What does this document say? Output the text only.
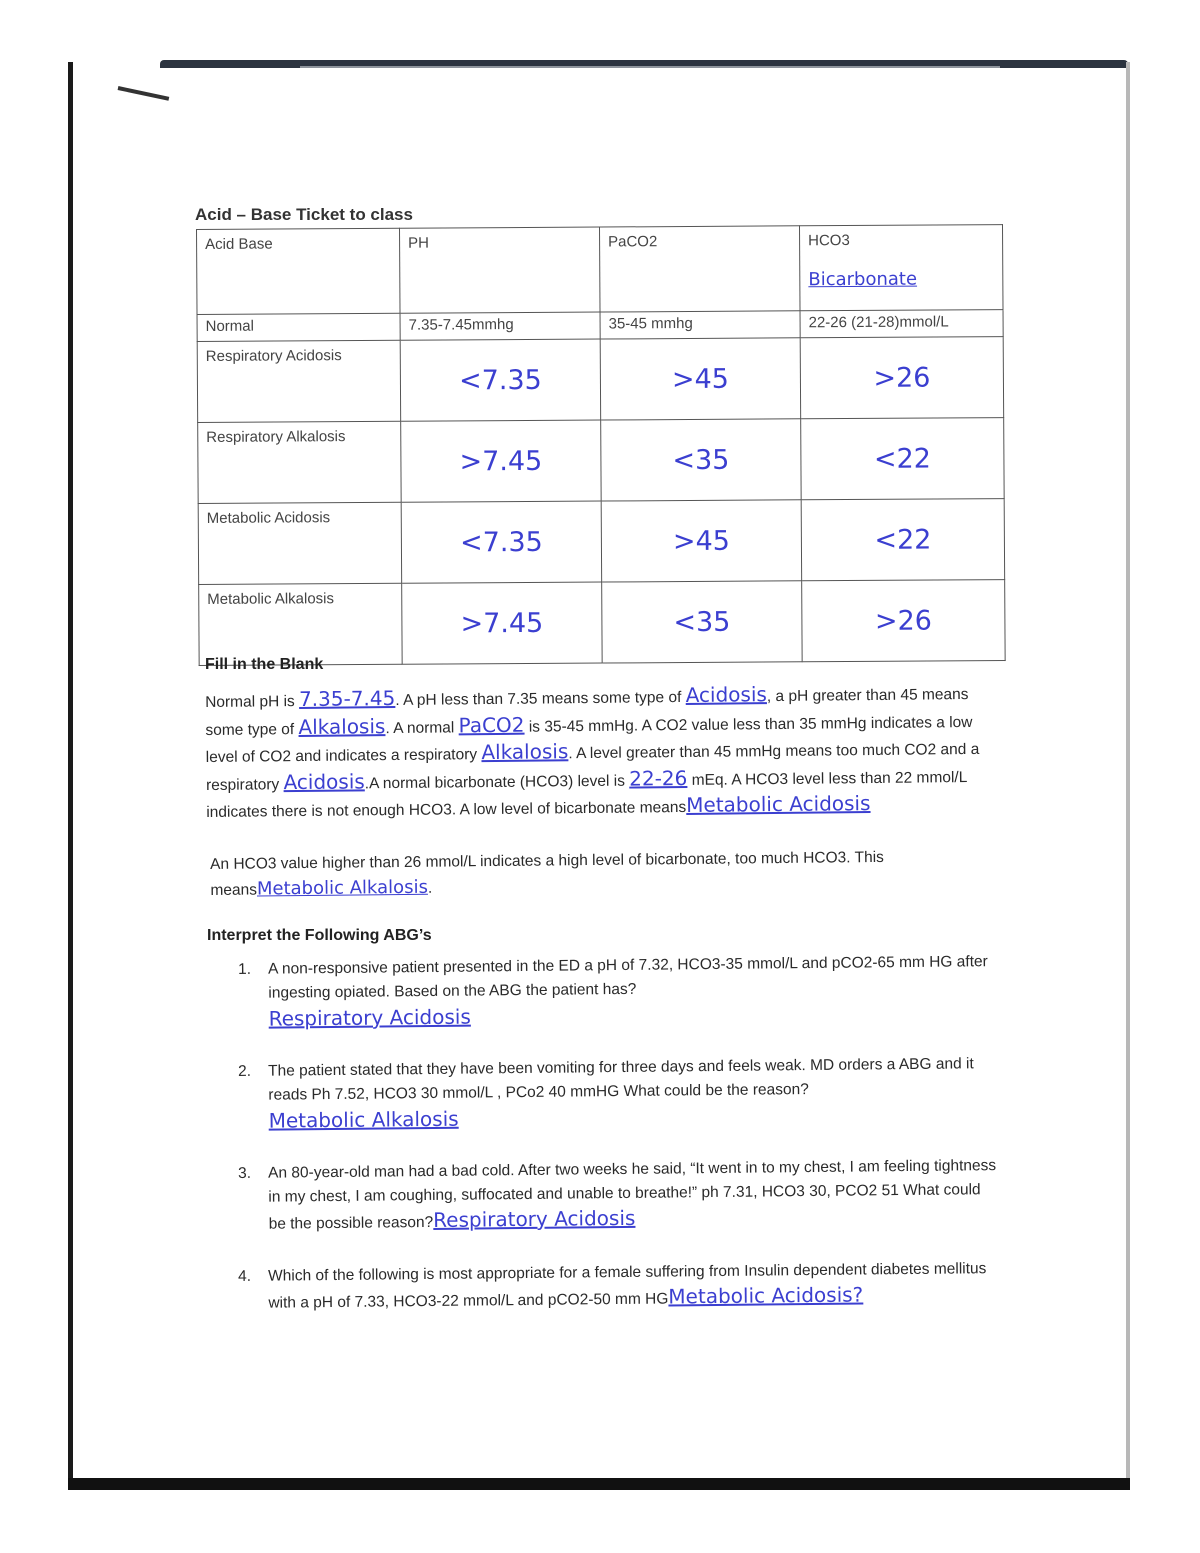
Acid – Base Ticket to class
Acid Base	PH	PaCO2	HCO3
Bicarbonate

Normal	7.35-7.45mmhg	35-45 mmhg	22-26 (21-28)mmol/L
Respiratory Acidosis	<7.35	>45	>26
Respiratory Alkalosis	>7.45	<35	<22
Metabolic Acidosis	<7.35	>45	<22
Metabolic Alkalosis	>7.45	<35	>26
Fill in the Blank
Normal pH is 7.35-7.45. A pH less than 7.35 means some type of Acidosis, a pH greater than 45 means some type of Alkalosis. A normal PaCO2 is 35-45 mmHg. A CO2 value less than 35 mmHg indicates a low level of CO2 and indicates a respiratory Alkalosis. A level greater than 45 mmHg means too much CO2 and a respiratory Acidosis.A normal bicarbonate (HCO3) level is 22-26 mEq. A HCO3 level less than 22 mmol/L indicates there is not enough HCO3. A low level of bicarbonate meansMetabolic Acidosis
An HCO3 value higher than 26 mmol/L indicates a high level of bicarbonate, too much HCO3. This meansMetabolic Alkalosis.
Interpret the Following ABG’s
1. A non-responsive patient presented in the ED a pH of 7.32, HCO3-35 mmol/L and pCO2-65 mm HG after ingesting opiated. Based on the ABG the patient has?
Respiratory Acidosis
2. The patient stated that they have been vomiting for three days and feels weak. MD orders a ABG and it reads Ph 7.52, HCO3 30 mmol/L , PCo2 40 mmHG What could be the reason?
Metabolic Alkalosis
3. An 80-year-old man had a bad cold. After two weeks he said, “It went in to my chest, I am feeling tightness in my chest, I am coughing, suffocated and unable to breathe!” ph 7.31, HCO3 30, PCO2 51 What could be the possible reason?Respiratory Acidosis
4. Which of the following is most appropriate for a female suffering from Insulin dependent diabetes mellitus with a pH of 7.33, HCO3-22 mmol/L and pCO2-50 mm HGMetabolic Acidosis?
